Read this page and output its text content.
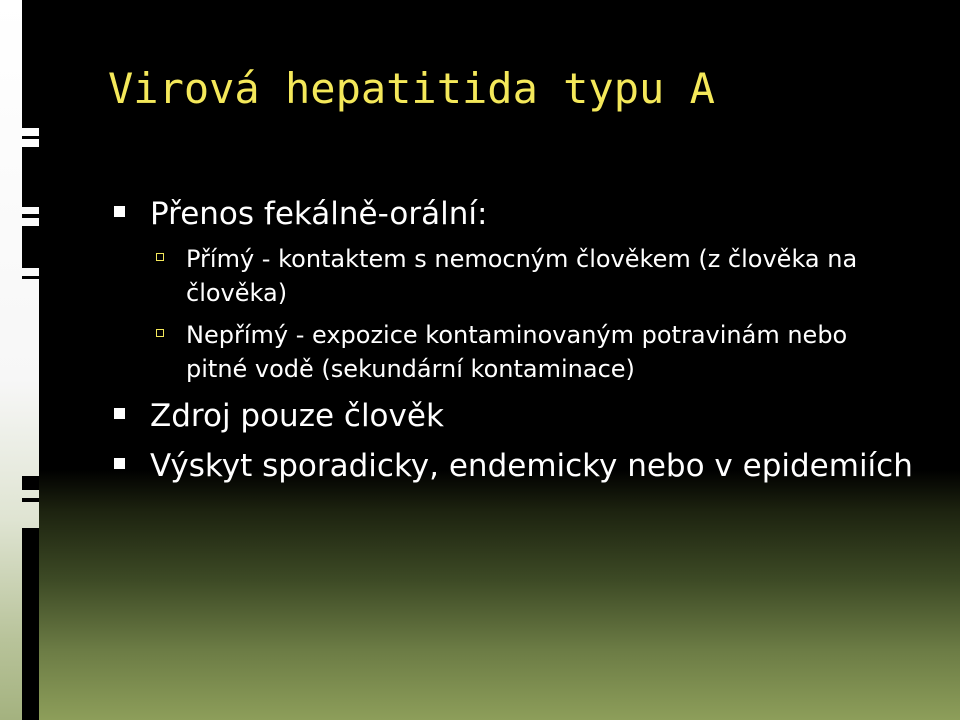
Virová hepatitida typu A
Přenos fekálně-orální:
Přímý - kontaktem s nemocným člověkem (z člověka na člověka)
Nepřímý - expozice kontaminovaným potravinám nebo pitné vodě (sekundární kontaminace)
Zdroj pouze člověk
Výskyt sporadicky, endemicky nebo v epidemiích
